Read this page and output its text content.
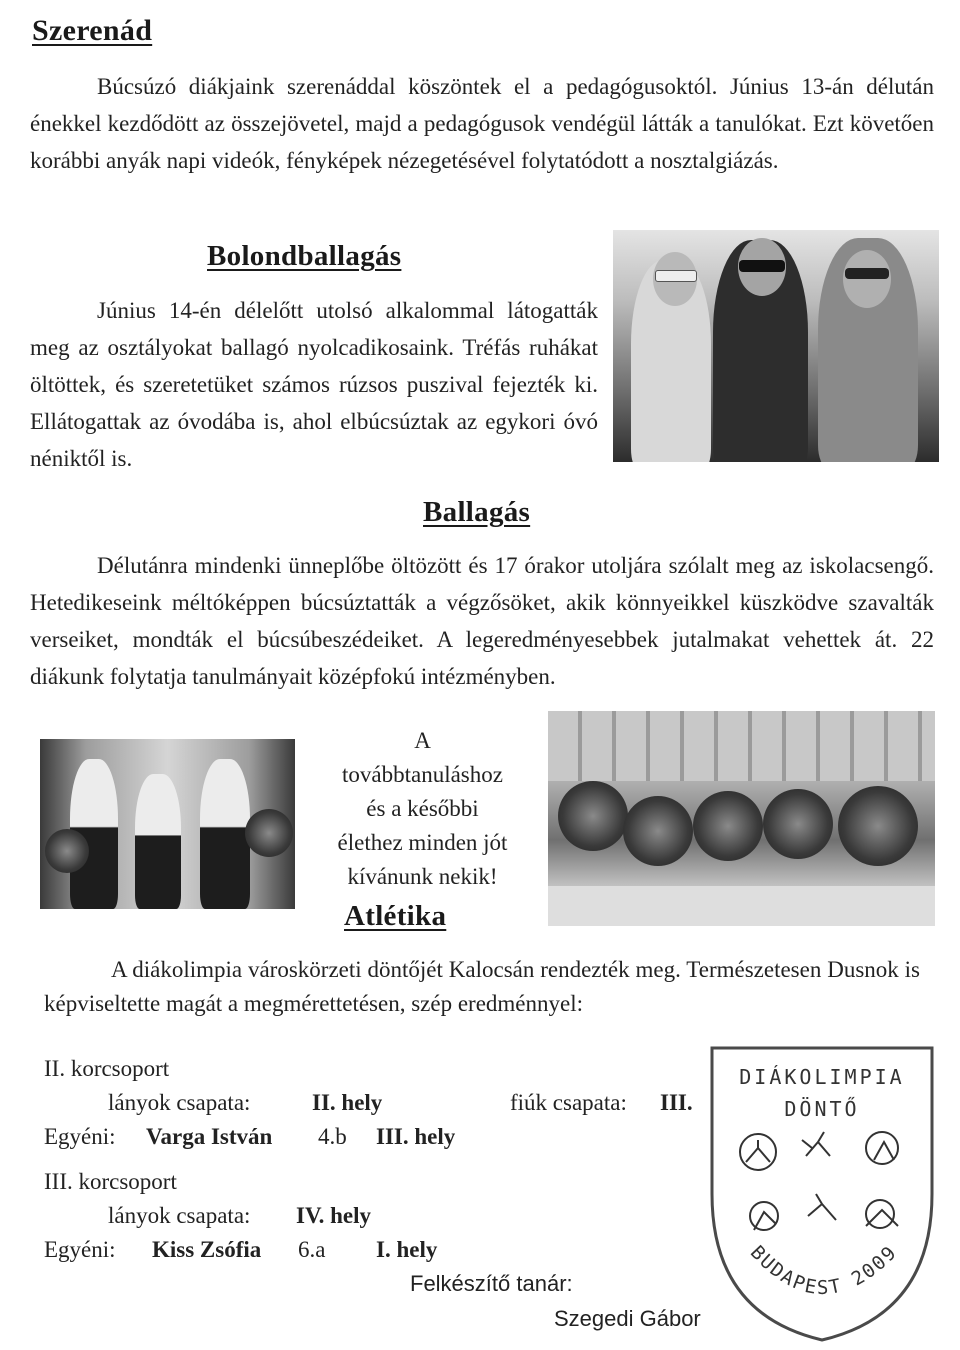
Szerenád
Búcsúzó diákjaink szerenáddal köszöntek el a pedagógusoktól. Június 13-án délután énekkel kezdődött az összejövetel, majd a pedagógusok vendégül látták a tanulókat. Ezt követően korábbi anyák napi videók, fényképek nézegetésével folytatódott a nosztalgiázás.
Bolondballagás
Június 14-én délelőtt utolsó alkalommal látogatták meg az osztályokat ballagó nyolcadikosaink. Tréfás ruhákat öltöttek, és szeretetüket számos rúzsos puszival fejezték ki. Ellátogattak az óvodába is, ahol elbúcsúztak az egykori óvó néniktől is.
Ballagás
Délutánra mindenki ünneplőbe öltözött és 17 órakor utoljára szólalt meg az iskolacsengő. Hetedikeseink méltóképpen búcsúztatták a végzősöket, akik könnyeikkel küszködve szavalták verseiket, mondták el búcsúbeszédeiket. A legeredményesebbek jutalmakat vehettek át. 22 diákunk folytatja tanulmányait középfokú intézményben.
A
továbbtanuláshoz
és a későbbi
élethez minden jót
kívánunk nekik!
Atlétika
A diákolimpia városkörzeti döntőjét Kalocsán rendezték meg. Természetesen Dusnok is képviseltette magát a megmérettetésen, szép eredménnyel:
II. korcsoport
lányok csapata:	II. hely	fiúk csapata: III.
Egyéni: Varga István 4.b III. hely
III. korcsoport
lányok csapata: IV. hely
Egyéni: Kiss Zsófia 6.a I. hely
Felkészítő tanár:
Szegedi Gábor
DIÁKOLIMPIA
DÖNTŐ
BUDAPEST 2009
